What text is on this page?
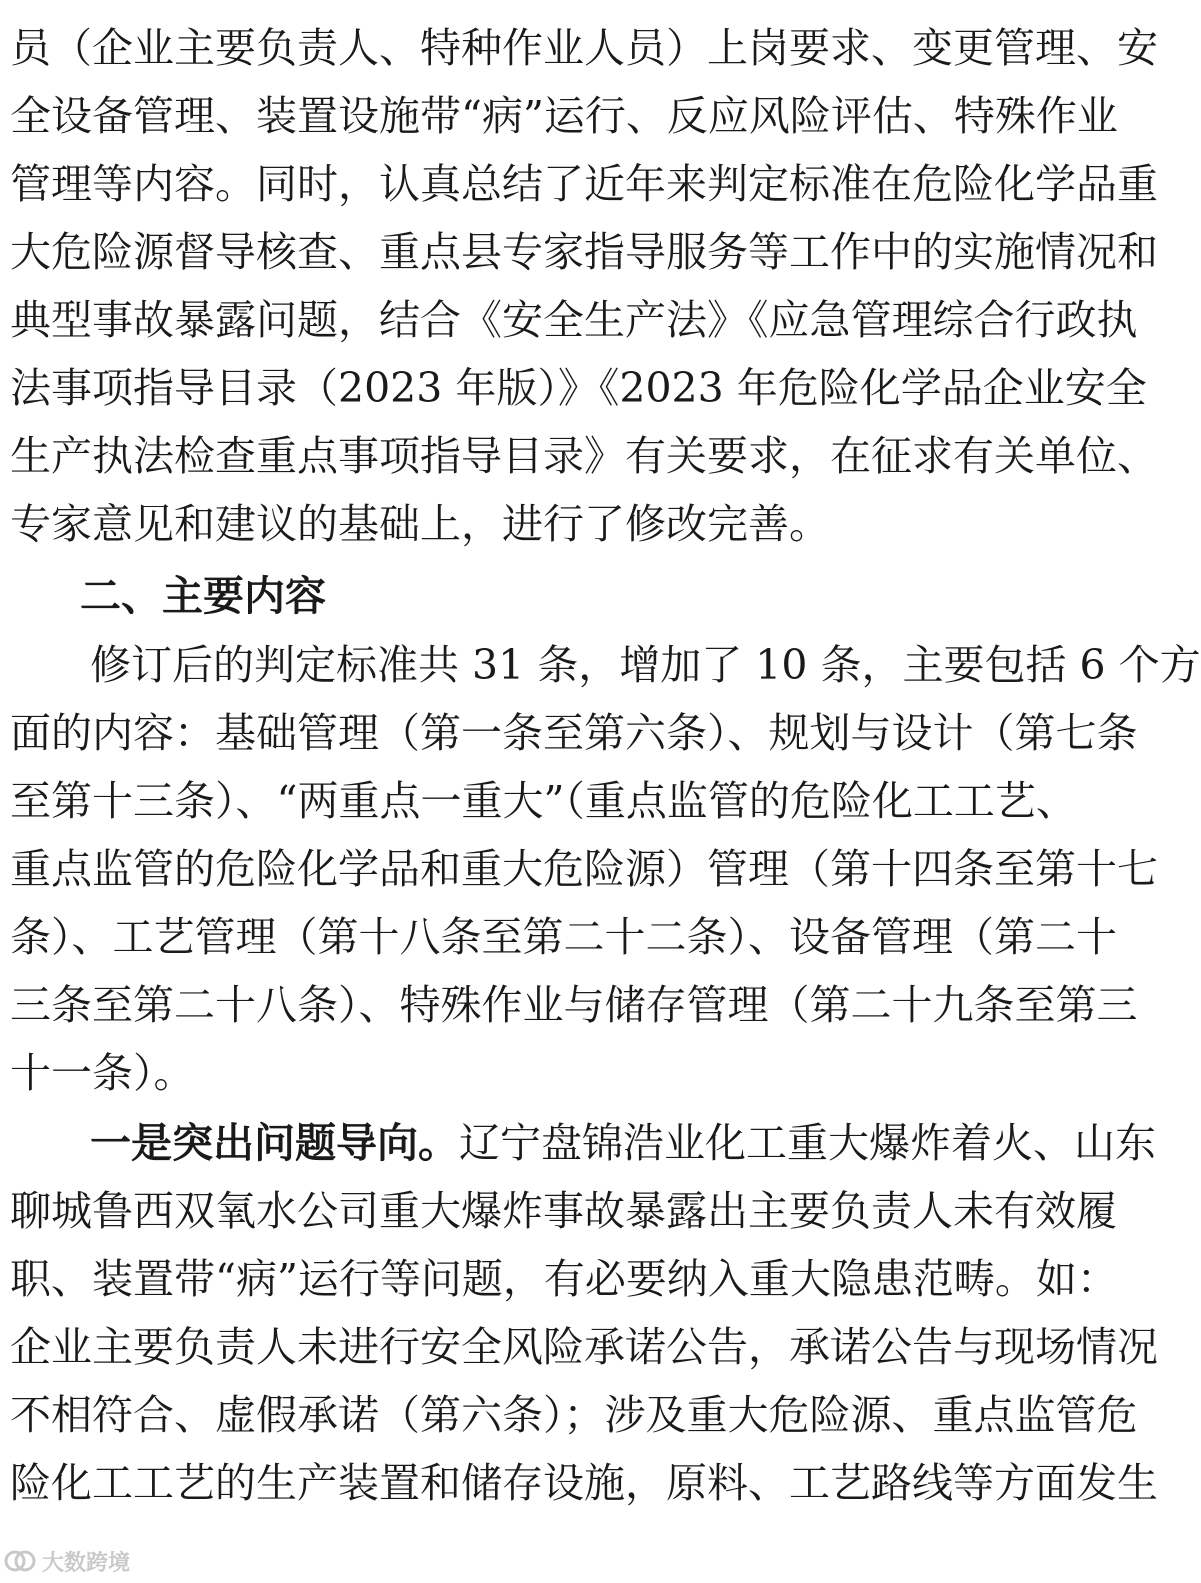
员（企业主要负责人、特种作业人员）上岗要求、变更管理、安
全设备管理、装置设施带“病”运行、反应风险评估、特殊作业
管理等内容。同时，认真总结了近年来判定标准在危险化学品重
大危险源督导核查、重点县专家指导服务等工作中的实施情况和
典型事故暴露问题，结合《安全生产法》《应急管理综合行政执
法事项指导目录（2023 年版）》《2023 年危险化学品企业安全
生产执法检查重点事项指导目录》有关要求，在征求有关单位、
专家意见和建议的基础上，进行了修改完善。
二、主要内容
修订后的判定标准共 31 条，增加了 10 条，主要包括 6 个方
面的内容：基础管理（第一条至第六条）、规划与设计（第七条
至第十三条）、“两重点一重大”（重点监管的危险化工工艺、
重点监管的危险化学品和重大危险源）管理（第十四条至第十七
条）、工艺管理（第十八条至第二十二条）、设备管理（第二十
三条至第二十八条）、特殊作业与储存管理（第二十九条至第三
十一条）。
一是突出问题导向。辽宁盘锦浩业化工重大爆炸着火、山东
聊城鲁西双氧水公司重大爆炸事故暴露出主要负责人未有效履
职、装置带“病”运行等问题，有必要纳入重大隐患范畴。如：
企业主要负责人未进行安全风险承诺公告，承诺公告与现场情况
不相符合、虚假承诺（第六条）；涉及重大危险源、重点监管危
险化工工艺的生产装置和储存设施，原料、工艺路线等方面发生
大数跨境
